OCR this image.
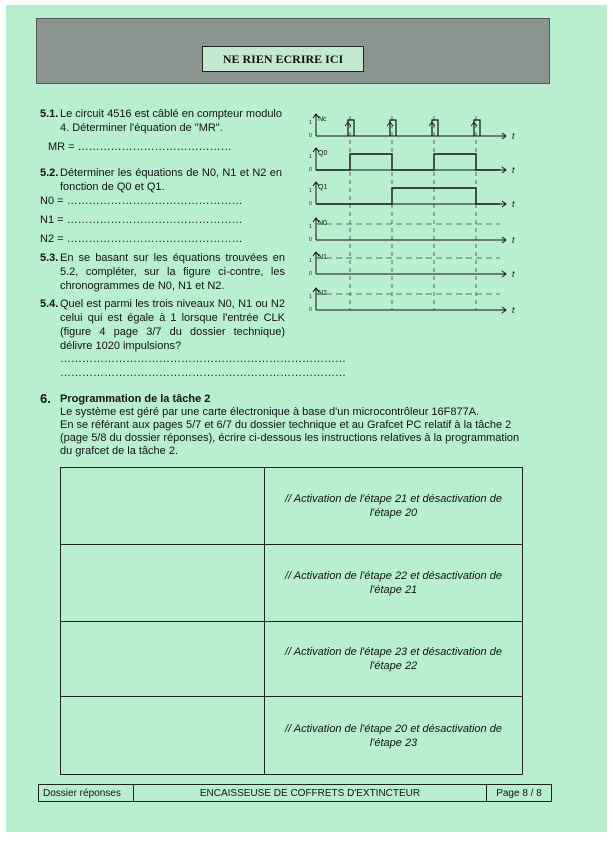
NE RIEN ECRIRE ICI
5.1. Le circuit 4516 est câblé en compteur modulo 4. Déterminer l'équation de "MR".
MR = ……………………………………
5.2. Déterminer les équations de N0, N1 et N2 en fonction de Q0 et Q1.
N0 = …………………………………………
N1 = …………………………………………
N2 = …………………………………………
5.3. En se basant sur les équations trouvées en 5.2, compléter, sur la figure ci-contre, les chronogrammes de N0, N1 et N2.
5.4. Quel est parmi les trois niveaux N0, N1 ou N2 celui qui est égale à 1 lorsque l'entrée CLK (figure 4 page 3/7 du dossier technique) délivre 1020 impulsions?
……………………………………………………………………
……………………………………………………………………
Nc
t
1
0
Q0
t
1
0
Q1
t
1
0
N0
t
1
0
N1
t
1
0
N2
t
1
0
6. Programmation de la tâche 2
Le système est géré par une carte électronique à base d'un microcontrôleur 16F877A.
En se référant aux pages 5/7 et 6/7 du dossier technique et au Grafcet PC relatif à la tâche 2 (page 5/8 du dossier réponses), écrire ci-dessous les instructions relatives à la programmation du grafcet de la tâche 2.

	// Activation de l'étape 21 et désactivation de l'étape 20

	// Activation de l'étape 22 et désactivation de l'étape 21

	// Activation de l'étape 23 et désactivation de l'étape 22

	// Activation de l'étape 20 et désactivation de l'étape 23
Dossier réponses	ENCAISSEUSE DE COFFRETS D'EXTINCTEUR	Page 8 / 8
